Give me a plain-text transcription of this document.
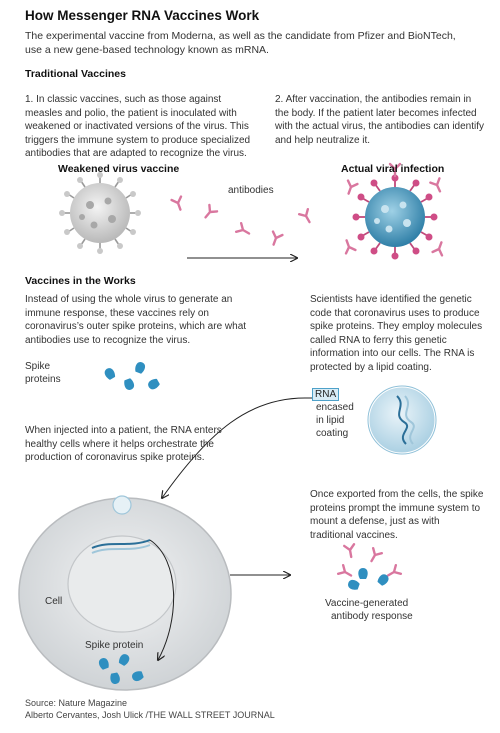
How Messenger RNA Vaccines Work
The experimental vaccine from Moderna, as well as the candidate from Pfizer and BioNTech, use a new gene-based technology known as mRNA.
Traditional Vaccines
1. In classic vaccines, such as those against measles and polio, the patient is inoculated with weakened or inactivated versions of the virus. This triggers the immune system to produce specialized antibodies that are adapted to recognize the virus.
2. After vaccination, the antibodies remain in the body. If the patient later becomes infected with the actual virus, the antibodies can identify and help neutralize it.
Weakened virus vaccine	Actual viral infection
antibodies
Vaccines in the Works
Instead of using the whole virus to generate an immune response, these vaccines rely on coronavirus’s outer spike proteins, which are what antibodies use to recognize the virus.
Scientists have identified the genetic code that coronavirus uses to produce spike proteins. They employ molecules called RNA to ferry this genetic information into our cells. The RNA is protected by a lipid coating.
Spike
proteins
RNA
encased
in lipid
coating
When injected into a patient, the RNA enters healthy cells where it helps orchestrate the production of coronavirus spike proteins.
Once exported from the cells, the spike proteins prompt the immune system to mount a defense, just as with traditional vaccines.
Cell
Spike protein
Vaccine-generated
antibody response
Source: Nature Magazine
Alberto Cervantes, Josh Ulick /THE WALL STREET JOURNAL
